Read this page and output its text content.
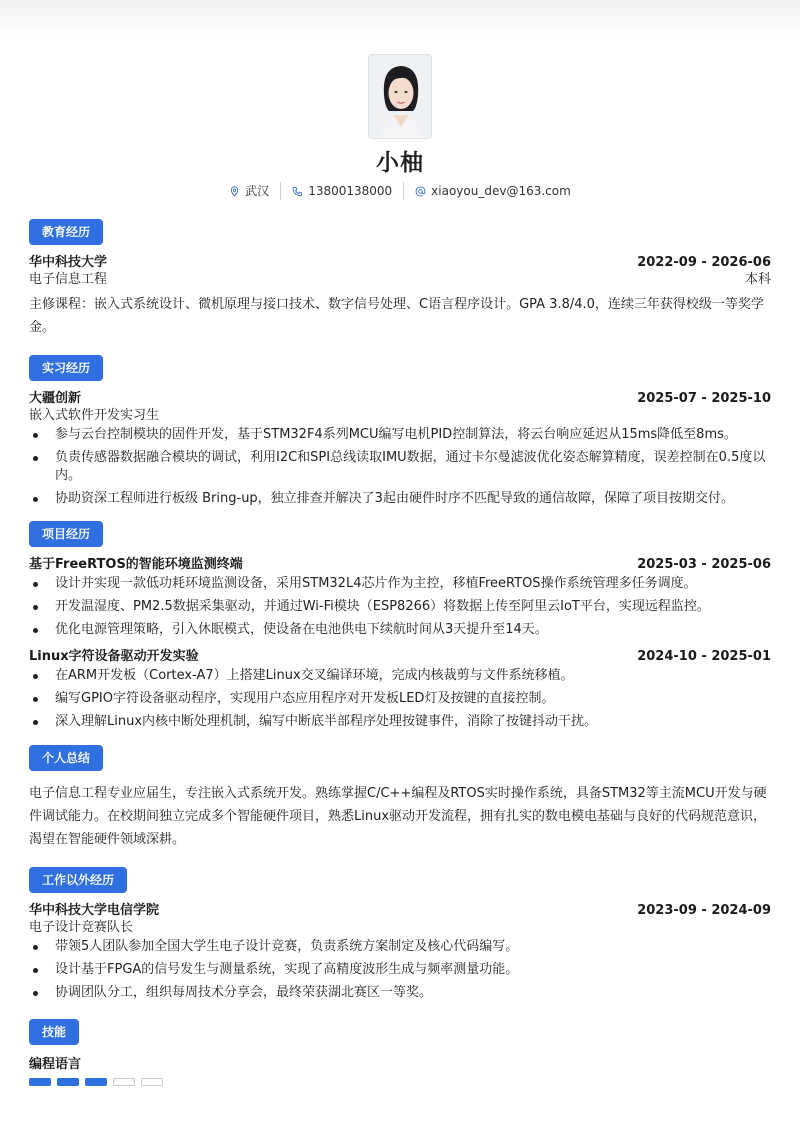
小柚
武汉	13800138000	xiaoyou_dev@163.com
教育经历
华中科技大学	2022-09 - 2026-06
电子信息工程	本科
主修课程：嵌入式系统设计、微机原理与接口技术、数字信号处理、C语言程序设计。GPA 3.8/4.0，连续三年获得校级一等奖学金。
实习经历
大疆创新	2025-07 - 2025-10
嵌入式软件开发实习生
参与云台控制模块的固件开发，基于STM32F4系列MCU编写电机PID控制算法，将云台响应延迟从15ms降低至8ms。
负责传感器数据融合模块的调试，利用I2C和SPI总线读取IMU数据，通过卡尔曼滤波优化姿态解算精度，误差控制在0.5度以内。
协助资深工程师进行板级 Bring-up，独立排查并解决了3起由硬件时序不匹配导致的通信故障，保障了项目按期交付。
项目经历
基于FreeRTOS的智能环境监测终端	2025-03 - 2025-06
设计并实现一款低功耗环境监测设备，采用STM32L4芯片作为主控，移植FreeRTOS操作系统管理多任务调度。
开发温湿度、PM2.5数据采集驱动，并通过Wi-Fi模块（ESP8266）将数据上传至阿里云IoT平台，实现远程监控。
优化电源管理策略，引入休眠模式，使设备在电池供电下续航时间从3天提升至14天。
Linux字符设备驱动开发实验	2024-10 - 2025-01
在ARM开发板（Cortex-A7）上搭建Linux交叉编译环境，完成内核裁剪与文件系统移植。
编写GPIO字符设备驱动程序，实现用户态应用程序对开发板LED灯及按键的直接控制。
深入理解Linux内核中断处理机制，编写中断底半部程序处理按键事件，消除了按键抖动干扰。
个人总结
电子信息工程专业应届生，专注嵌入式系统开发。熟练掌握C/C++编程及RTOS实时操作系统，具备STM32等主流MCU开发与硬件调试能力。在校期间独立完成多个智能硬件项目，熟悉Linux驱动开发流程，拥有扎实的数电模电基础与良好的代码规范意识，渴望在智能硬件领域深耕。
工作以外经历
华中科技大学电信学院	2023-09 - 2024-09
电子设计竞赛队长
带领5人团队参加全国大学生电子设计竞赛，负责系统方案制定及核心代码编写。
设计基于FPGA的信号发生与测量系统，实现了高精度波形生成与频率测量功能。
协调团队分工，组织每周技术分享会，最终荣获湖北赛区一等奖。
技能
编程语言
